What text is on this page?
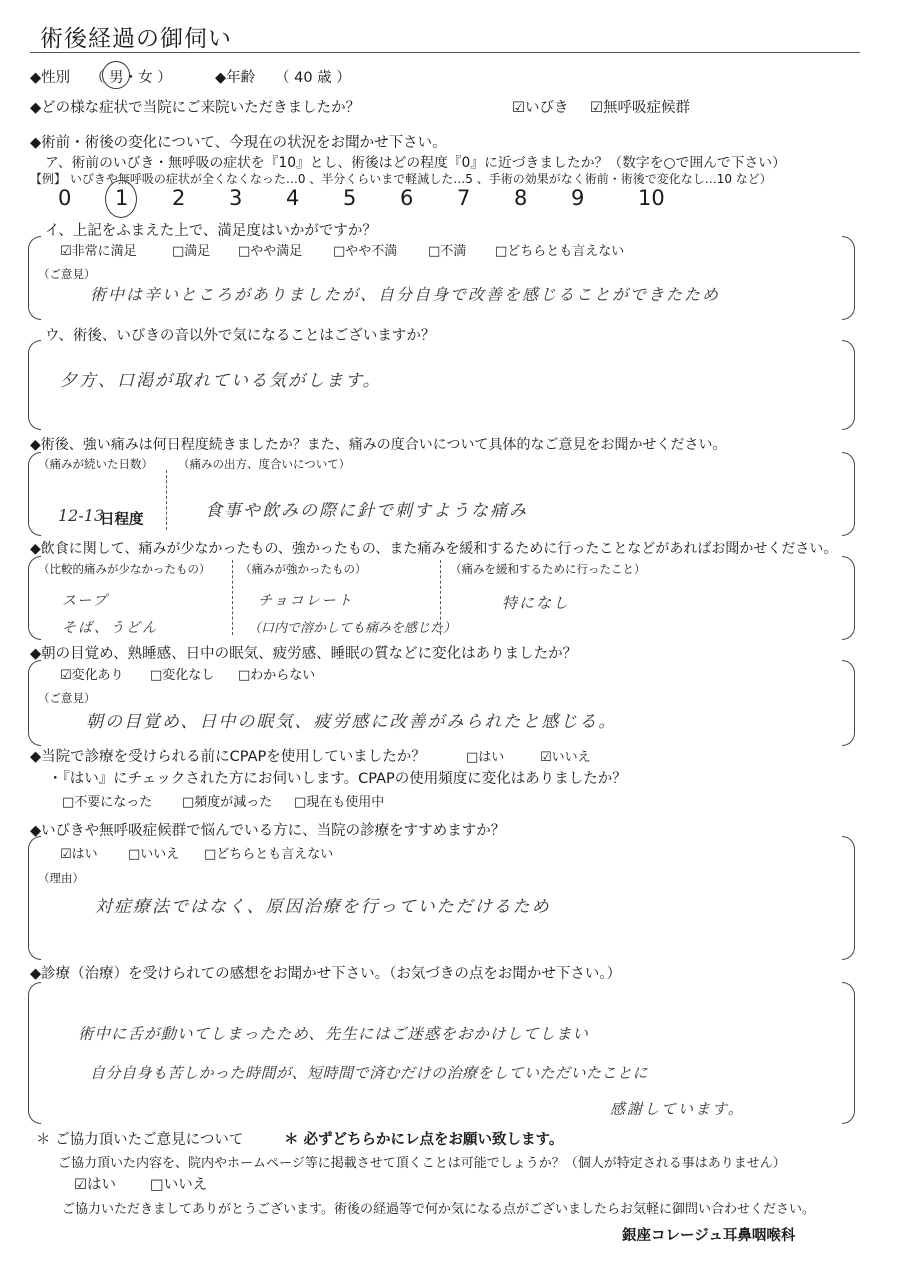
術後経過の御伺い
◆性別 （ 男・女 ）	◆年齢 （ 40 歳 ）
◆どの様な症状で当院にご来院いただきましたか？	☑いびき ☑無呼吸症候群
◆術前・術後の変化について、今現在の状況をお聞かせ下さい。
ア、術前のいびき・無呼吸の症状を『10』とし、術後はどの程度『0』に近づきましたか？（数字を○で囲んで下さい）
【例】 いびきや無呼吸の症状が全くなくなった…0 、半分くらいまで軽減した…5 、手術の効果がなく術前・術後で変化なし…10 など）
0 1 2 3 4 5 6 7 8 9	10
イ、上記をふまえた上で、満足度はいかがですか？
☑非常に満足	□満足 □やや満足 □やや不満 □不満 □どちらとも言えない
（ご意見）
術中は辛いところがありましたが、自分自身で改善を感じることができたため
ウ、術後、いびきの音以外で気になることはございますか？
夕方、口渇が取れている気がします。
◆術後、強い痛みは何日程度続きましたか？また、痛みの度合いについて具体的なご意見をお聞かせください。
（痛みが続いた日数）
12-13
日程度
（痛みの出方、度合いについて）
食事や飲みの際に針で刺すような痛み
◆飲食に関して、痛みが少なかったもの、強かったもの、また痛みを緩和するために行ったことなどがあればお聞かせください。
（比較的痛みが少なかったもの）
スープ
そば、うどん
（痛みが強かったもの）
チョコレート
（口内で溶かしても痛みを感じた）
（痛みを緩和するために行ったこと）
特になし
◆朝の目覚め、熟睡感、日中の眠気、疲労感、睡眠の質などに変化はありましたか？
☑変化あり □変化なし □わからない
（ご意見）
朝の目覚め、日中の眠気、疲労感に改善がみられたと感じる。
◆当院で診療を受けられる前にCPAPを使用していましたか？	□はい	☑いいえ
・『はい』にチェックされた方にお伺いします。CPAPの使用頻度に変化はありましたか？
□不要になった □頻度が減った □現在も使用中
◆いびきや無呼吸症候群で悩んでいる方に、当院の診療をすすめますか？
☑はい □いいえ □どちらとも言えない
（理由）
対症療法ではなく、原因治療を行っていただけるため
◆診療（治療）を受けられての感想をお聞かせ下さい。（お気づきの点をお聞かせ下さい。）
術中に舌が動いてしまったため、先生にはご迷惑をおかけしてしまい
自分自身も苦しかった時間が、短時間で済むだけの治療をしていただいたことに
感謝しています。
＊ ご協力頂いたご意見について	＊ 必ずどちらかにレ点をお願い致します。
ご協力頂いた内容を、院内やホームページ等に掲載させて頂くことは可能でしょうか？（個人が特定される事はありません）
☑はい □いいえ
ご協力いただきましてありがとうございます。術後の経過等で何か気になる点がございましたらお気軽に御問い合わせください。
銀座コレージュ耳鼻咽喉科
